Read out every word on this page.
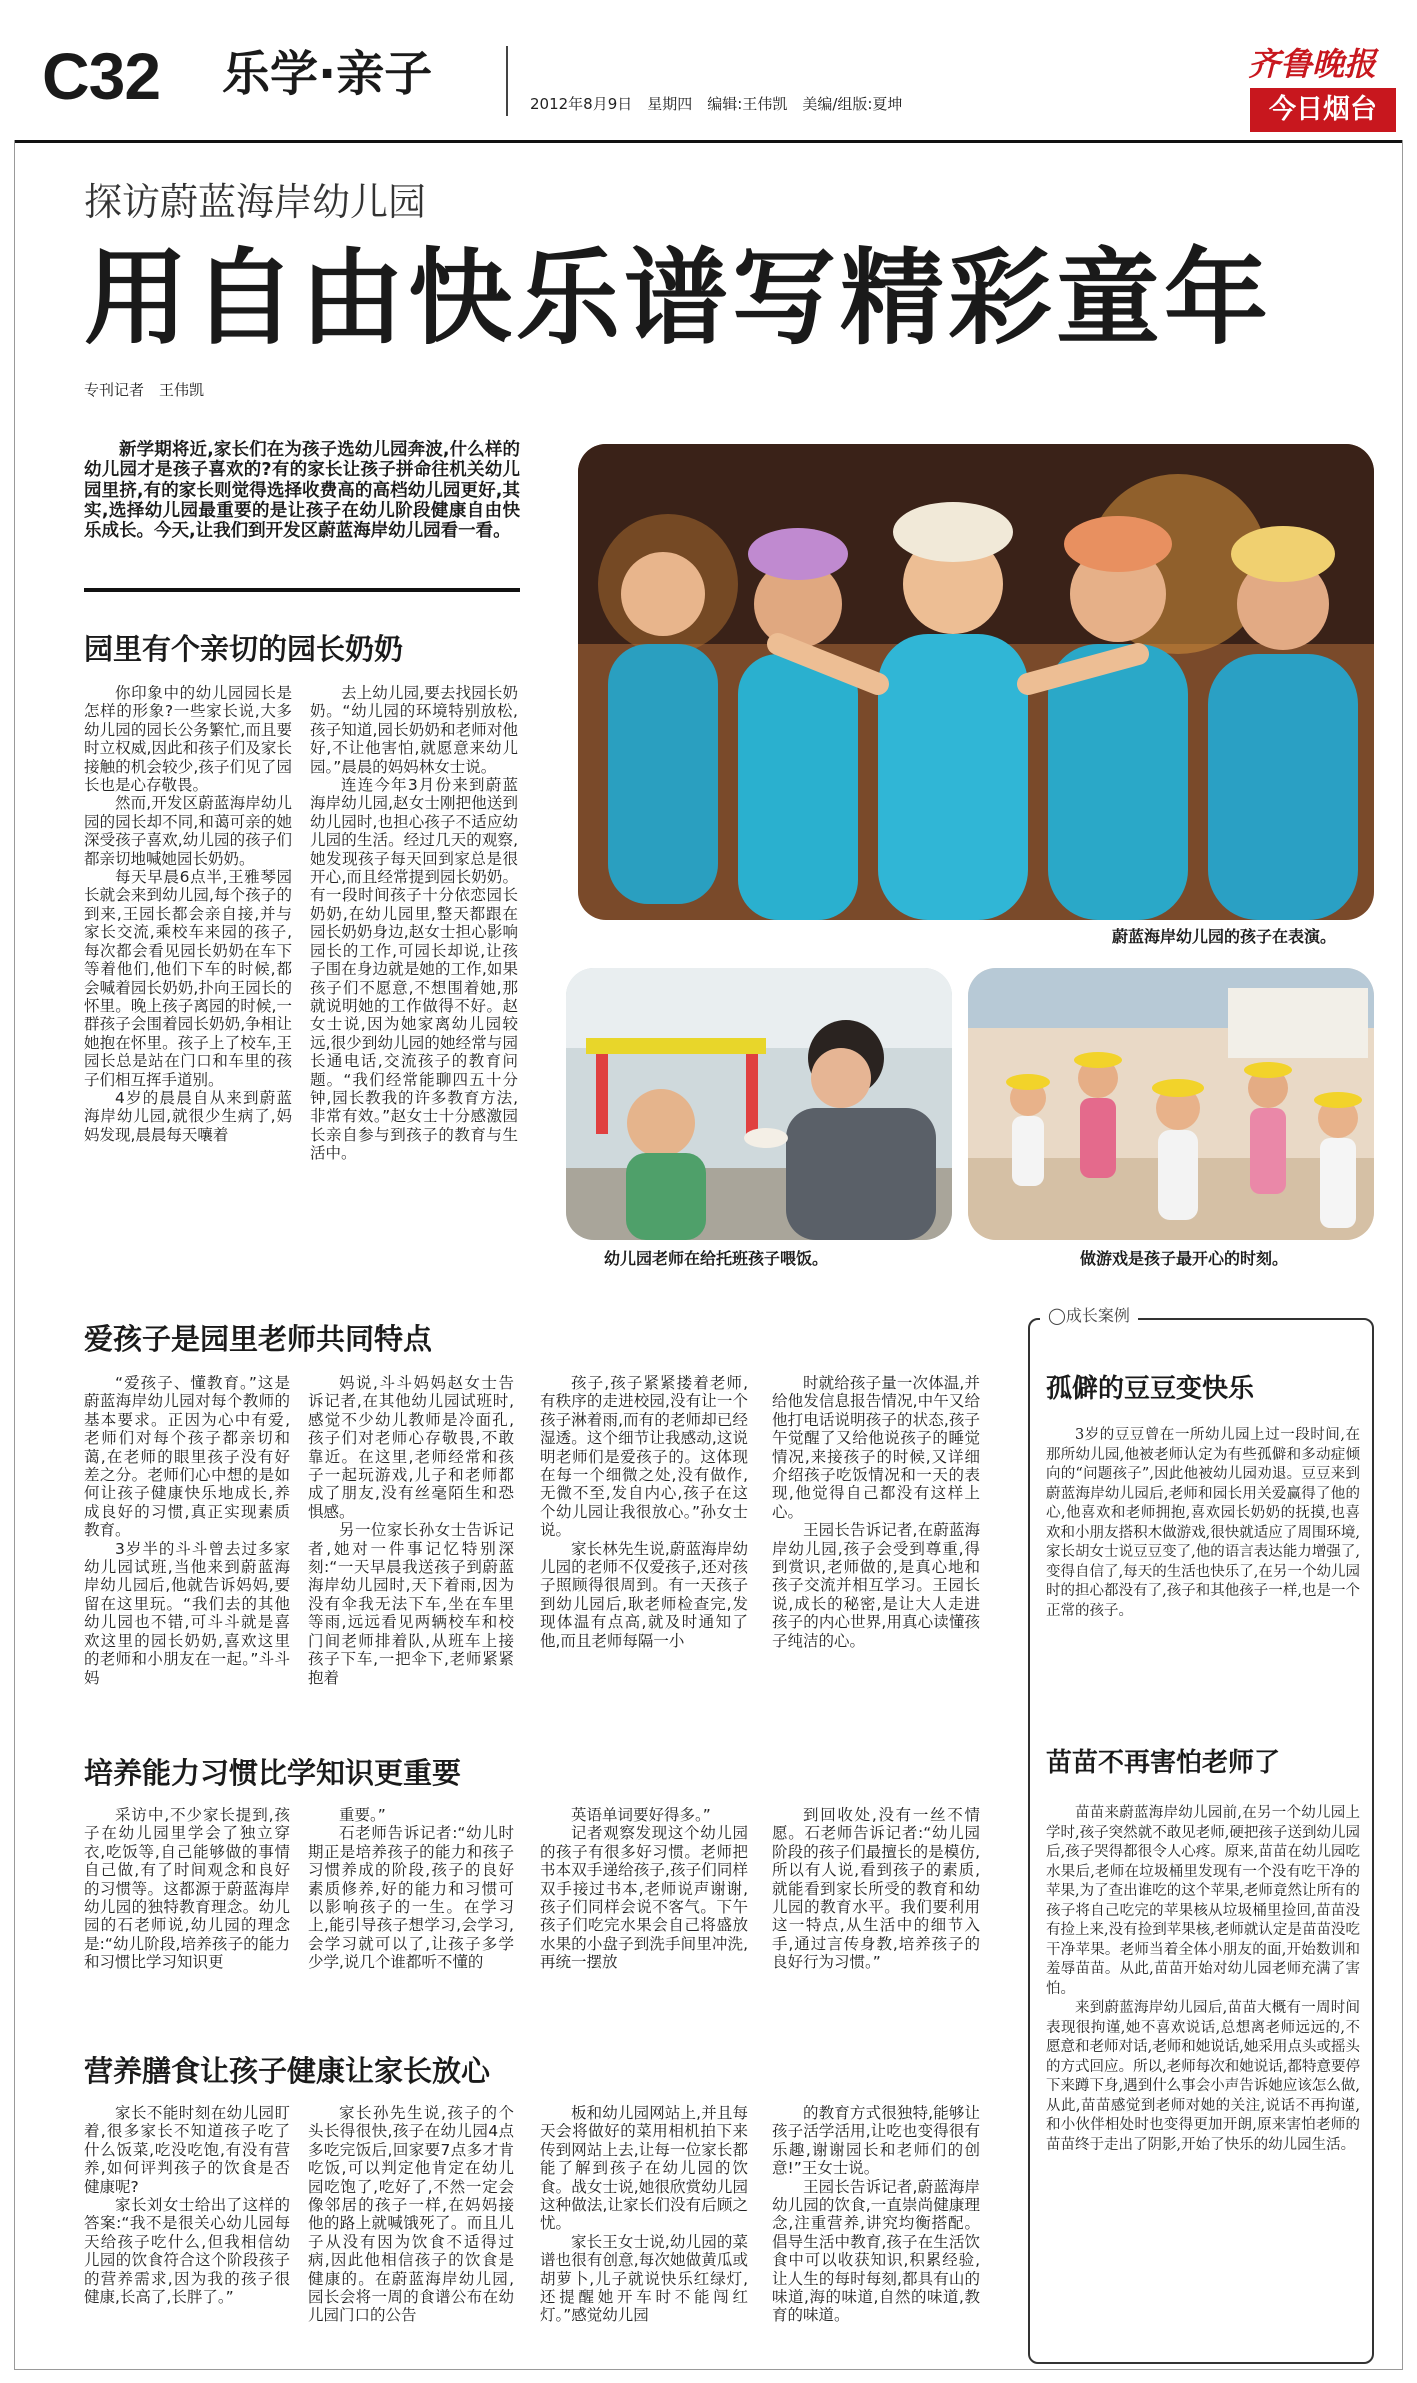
C32 乐学·亲子
2012年8月9日　星期四　编辑:王伟凯　美编/组版:夏坤
齐鲁晚报
今日烟台
探访蔚蓝海岸幼儿园
用自由快乐谱写精彩童年
专刊记者　王伟凯
新学期将近,家长们在为孩子选幼儿园奔波,什么样的幼儿园才是孩子喜欢的?有的家长让孩子拼命往机关幼儿园里挤,有的家长则觉得选择收费高的高档幼儿园更好,其实,选择幼儿园最重要的是让孩子在幼儿阶段健康自由快乐成长。今天,让我们到开发区蔚蓝海岸幼儿园看一看。
蔚蓝海岸幼儿园的孩子在表演。
幼儿园老师在给托班孩子喂饭。	做游戏是孩子最开心的时刻。
园里有个亲切的园长奶奶

你印象中的幼儿园园长是怎样的形象?一些家长说,大多幼儿园的园长公务繁忙,而且要时立权威,因此和孩子们及家长接触的机会较少,孩子们见了园长也是心存敬畏。

然而,开发区蔚蓝海岸幼儿园的园长却不同,和蔼可亲的她深受孩子喜欢,幼儿园的孩子们都亲切地喊她园长奶奶。

每天早晨6点半,王雅琴园长就会来到幼儿园,每个孩子的到来,王园长都会亲自接,并与家长交流,乘校车来园的孩子,每次都会看见园长奶奶在车下等着他们,他们下车的时候,都会喊着园长奶奶,扑向王园长的怀里。晚上孩子离园的时候,一群孩子会围着园长奶奶,争相让她抱在怀里。孩子上了校车,王园长总是站在门口和车里的孩子们相互挥手道别。

4岁的晨晨自从来到蔚蓝海岸幼儿园,就很少生病了,妈妈发现,晨晨每天嚷着

去上幼儿园,要去找园长奶奶。“幼儿园的环境特别放松,孩子知道,园长奶奶和老师对他好,不让他害怕,就愿意来幼儿园。”晨晨的妈妈林女士说。

连连今年3月份来到蔚蓝海岸幼儿园,赵女士刚把他送到幼儿园时,也担心孩子不适应幼儿园的生活。经过几天的观察,她发现孩子每天回到家总是很开心,而且经常提到园长奶奶。有一段时间孩子十分依恋园长奶奶,在幼儿园里,整天都跟在园长奶奶身边,赵女士担心影响园长的工作,可园长却说,让孩子围在身边就是她的工作,如果孩子们不愿意,不想围着她,那就说明她的工作做得不好。赵女士说,因为她家离幼儿园较远,很少到幼儿园的她经常与园长通电话,交流孩子的教育问题。“我们经常能聊四五十分钟,园长教我的许多教育方法,非常有效。”赵女士十分感激园长亲自参与到孩子的教育与生活中。

爱孩子是园里老师共同特点

“爱孩子、懂教育。”这是蔚蓝海岸幼儿园对每个教师的基本要求。正因为心中有爱,老师们对每个孩子都亲切和蔼,在老师的眼里孩子没有好差之分。老师们心中想的是如何让孩子健康快乐地成长,养成良好的习惯,真正实现素质教育。

3岁半的斗斗曾去过多家幼儿园试班,当他来到蔚蓝海岸幼儿园后,他就告诉妈妈,要留在这里玩。“我们去的其他幼儿园也不错,可斗斗就是喜欢这里的园长奶奶,喜欢这里的老师和小朋友在一起。”斗斗妈

妈说,斗斗妈妈赵女士告诉记者,在其他幼儿园试班时,感觉不少幼儿教师是冷面孔,孩子们对老师心存敬畏,不敢靠近。在这里,老师经常和孩子一起玩游戏,儿子和老师都成了朋友,没有丝毫陌生和恐惧感。

另一位家长孙女士告诉记者,她对一件事记忆特别深刻:“一天早晨我送孩子到蔚蓝海岸幼儿园时,天下着雨,因为没有伞我无法下车,坐在车里等雨,远远看见两辆校车和校门间老师排着队,从班车上接孩子下车,一把伞下,老师紧紧抱着

孩子,孩子紧紧搂着老师,有秩序的走进校园,没有让一个孩子淋着雨,而有的老师却已经湿透。这个细节让我感动,这说明老师们是爱孩子的。这体现在每一个细微之处,没有做作,无微不至,发自内心,孩子在这个幼儿园让我很放心。”孙女士说。

家长林先生说,蔚蓝海岸幼儿园的老师不仅爱孩子,还对孩子照顾得很周到。有一天孩子到幼儿园后,耿老师检查完,发现体温有点高,就及时通知了他,而且老师每隔一小

时就给孩子量一次体温,并给他发信息报告情况,中午又给他打电话说明孩子的状态,孩子午觉醒了又给他说孩子的睡觉情况,来接孩子的时候,又详细介绍孩子吃饭情况和一天的表现,他觉得自己都没有这样上心。

王园长告诉记者,在蔚蓝海岸幼儿园,孩子会受到尊重,得到赏识,老师做的,是真心地和孩子交流并相互学习。王园长说,成长的秘密,是让大人走进孩子的内心世界,用真心读懂孩子纯洁的心。

培养能力习惯比学知识更重要

采访中,不少家长提到,孩子在幼儿园里学会了独立穿衣,吃饭等,自己能够做的事情自己做,有了时间观念和良好的习惯等。这都源于蔚蓝海岸幼儿园的独特教育理念。幼儿园的石老师说,幼儿园的理念是:“幼儿阶段,培养孩子的能力和习惯比学习知识更

重要。”

石老师告诉记者:“幼儿时期正是培养孩子的能力和孩子习惯养成的阶段,孩子的良好素质修养,好的能力和习惯可以影响孩子的一生。在学习上,能引导孩子想学习,会学习,会学习就可以了,让孩子多学少学,说几个谁都听不懂的

英语单词要好得多。”

记者观察发现这个幼儿园的孩子有很多好习惯。老师把书本双手递给孩子,孩子们同样双手接过书本,老师说声谢谢,孩子们同样会说不客气。下午孩子们吃完水果会自己将盛放水果的小盘子到洗手间里冲洗,再统一摆放

到回收处,没有一丝不情愿。石老师告诉记者:“幼儿园阶段的孩子们最擅长的是模仿,所以有人说,看到孩子的素质,就能看到家长所受的教育和幼儿园的教育水平。我们要利用这一特点,从生活中的细节入手,通过言传身教,培养孩子的良好行为习惯。”

营养膳食让孩子健康让家长放心

家长不能时刻在幼儿园盯着,很多家长不知道孩子吃了什么饭菜,吃没吃饱,有没有营养,如何评判孩子的饮食是否健康呢?

家长刘女士给出了这样的答案:“我不是很关心幼儿园每天给孩子吃什么,但我相信幼儿园的饮食符合这个阶段孩子的营养需求,因为我的孩子很健康,长高了,长胖了。”

家长孙先生说,孩子的个头长得很快,孩子在幼儿园4点多吃完饭后,回家要7点多才肯吃饭,可以判定他肯定在幼儿园吃饱了,吃好了,不然一定会像邻居的孩子一样,在妈妈接他的路上就喊饿死了。而且儿子从没有因为饮食不适得过病,因此他相信孩子的饮食是健康的。在蔚蓝海岸幼儿园,园长会将一周的食谱公布在幼儿园门口的公告

板和幼儿园网站上,并且每天会将做好的菜用相机拍下来传到网站上去,让每一位家长都能了解到孩子在幼儿园的饮食。战女士说,她很欣赏幼儿园这种做法,让家长们没有后顾之忧。

家长王女士说,幼儿园的菜谱也很有创意,每次她做黄瓜或胡萝卜,儿子就说快乐红绿灯,还提醒她开车时不能闯红灯。”感觉幼儿园

的教育方式很独特,能够让孩子活学活用,让吃也变得很有乐趣,谢谢园长和老师们的创意!”王女士说。

王园长告诉记者,蔚蓝海岸幼儿园的饮食,一直崇尚健康理念,注重营养,讲究均衡搭配。倡导生活中教育,孩子在生活饮食中可以收获知识,积累经验,让人生的每时每刻,都具有山的味道,海的味道,自然的味道,教育的味道。

◯成长案例
孤僻的豆豆变快乐

3岁的豆豆曾在一所幼儿园上过一段时间,在那所幼儿园,他被老师认定为有些孤僻和多动症倾向的“问题孩子”,因此他被幼儿园劝退。豆豆来到蔚蓝海岸幼儿园后,老师和园长用关爱赢得了他的心,他喜欢和老师拥抱,喜欢园长奶奶的抚摸,也喜欢和小朋友搭积木做游戏,很快就适应了周围环境,家长胡女士说豆豆变了,他的语言表达能力增强了,变得自信了,每天的生活也快乐了,在另一个幼儿园时的担心都没有了,孩子和其他孩子一样,也是一个正常的孩子。

苗苗不再害怕老师了

苗苗来蔚蓝海岸幼儿园前,在另一个幼儿园上学时,孩子突然就不敢见老师,硬把孩子送到幼儿园后,孩子哭得都很令人心疼。原来,苗苗在幼儿园吃水果后,老师在垃圾桶里发现有一个没有吃干净的苹果,为了查出谁吃的这个苹果,老师竟然让所有的孩子将自己吃完的苹果核从垃圾桶里捡回,苗苗没有捡上来,没有捡到苹果核,老师就认定是苗苗没吃干净苹果。老师当着全体小朋友的面,开始数训和羞辱苗苗。从此,苗苗开始对幼儿园老师充满了害怕。

来到蔚蓝海岸幼儿园后,苗苗大概有一周时间表现很拘谨,她不喜欢说话,总想离老师远远的,不愿意和老师对话,老师和她说话,她采用点头或摇头的方式回应。所以,老师每次和她说话,都特意要停下来蹲下身,遇到什么事会小声告诉她应该怎么做,从此,苗苗感觉到老师对她的关注,说话不再拘谨,和小伙伴相处时也变得更加开朗,原来害怕老师的苗苗终于走出了阴影,开始了快乐的幼儿园生活。
